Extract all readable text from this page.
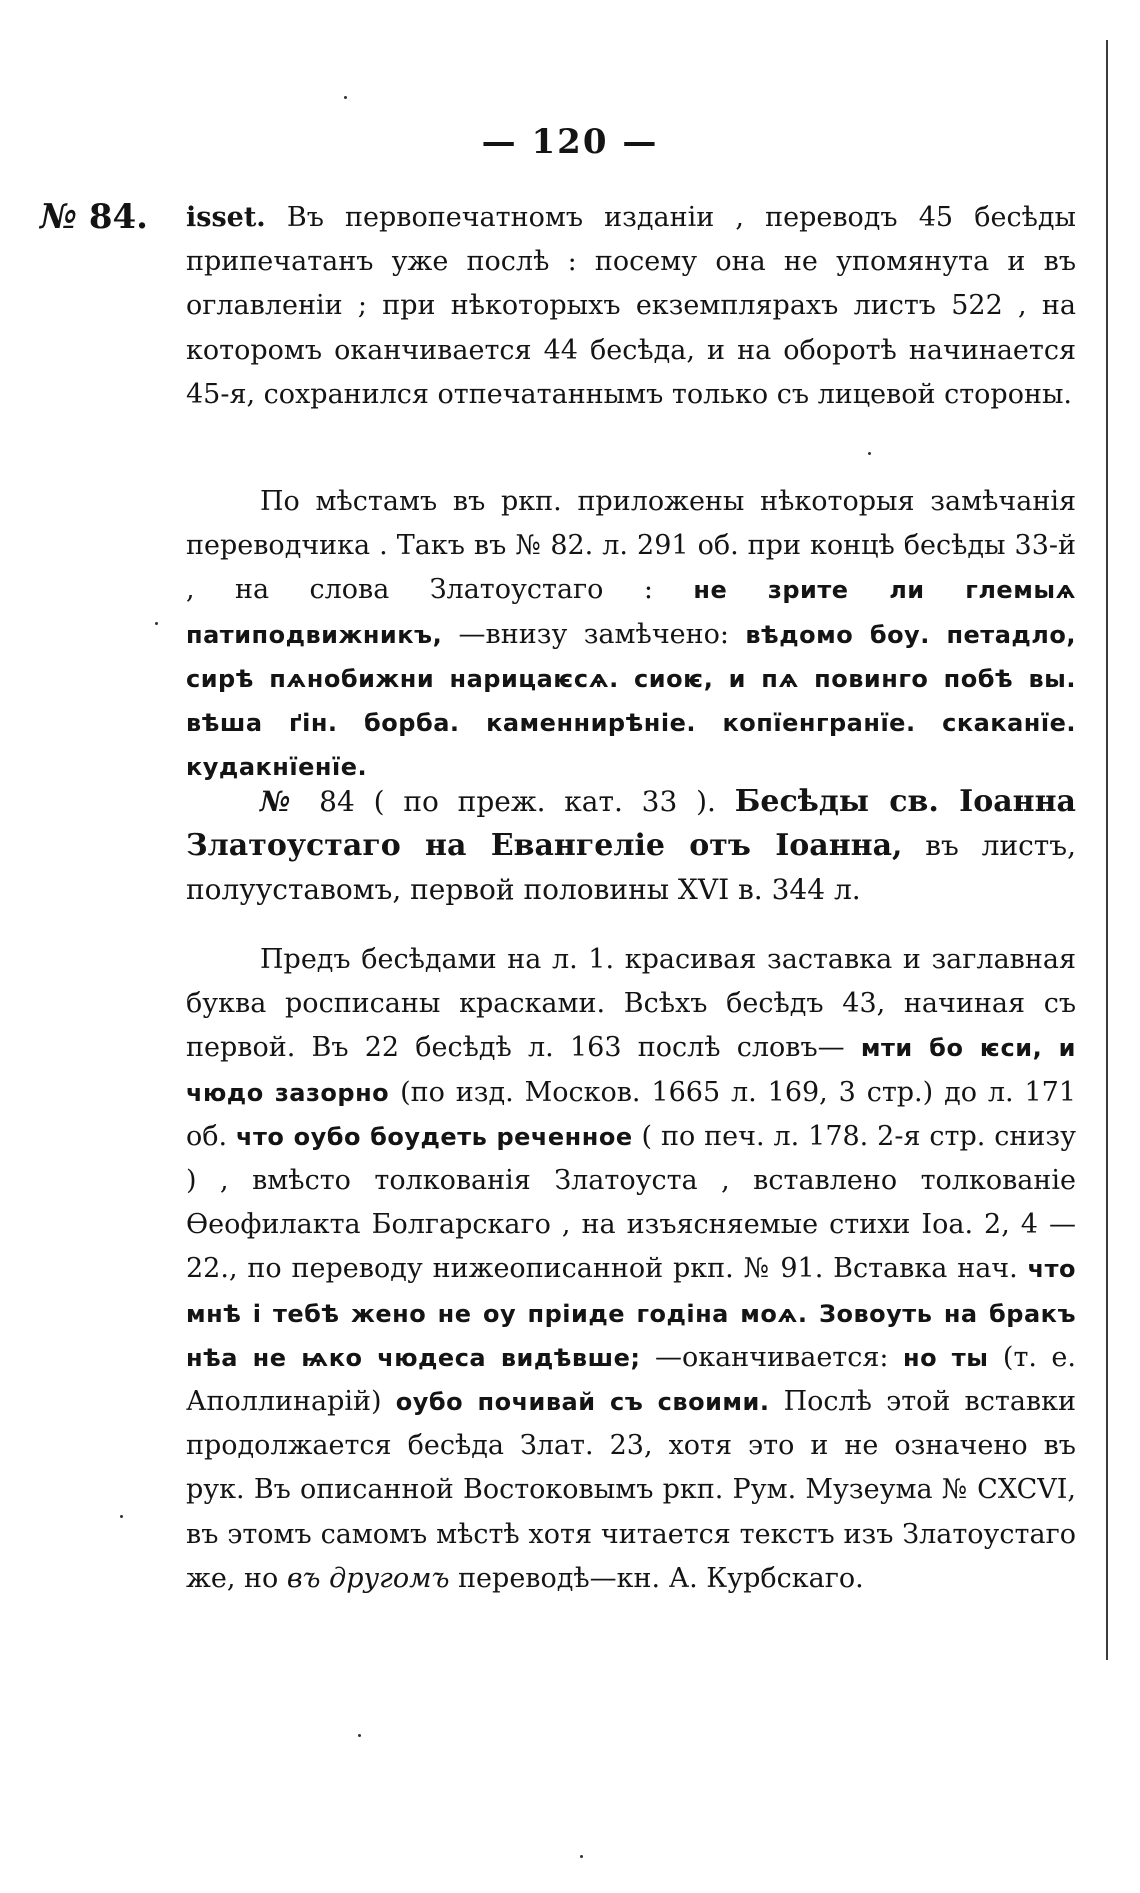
— 120 —
№ 84. isset. Въ первопечатномъ изданіи , переводъ 45 бесѣды припечатанъ уже послѣ : посему она не упомянута и въ оглавленіи ; при нѣкоторыхъ екземплярахъ листъ 522 , на которомъ оканчивается 44 бесѣда, и на оборотѣ начинается 45-я, сохранился отпечатаннымъ только съ лицевой стороны.
По мѣстамъ въ ркп. приложены нѣкоторыя замѣчанія переводчика . Такъ въ № 82. л. 291 об. при концѣ бесѣды 33-й , на слова Златоустаго : не зрите ли глемыѧ патиподвижникъ, —внизу замѣчено: вѣдомо боу. петадло, сирѣ пѧнобижни нарицаѥсѧ. сиоѥ, и пѧ повинго побѣ вы. вѣша ґін. борба. каменнирѣніе. копїенгранїе. скаканїе. кудакнїенїе.
№ 84 ( по преж. кат. 33 ). Бесѣды св. Іоанна Златоустаго на Евангеліе отъ Іоанна, въ листъ, полууставомъ, первой половины XVI в. 344 л.
Предъ бесѣдами на л. 1. красивая заставка и заглавная буква росписаны красками. Всѣхъ бесѣдъ 43, начиная съ первой. Въ 22 бесѣдѣ л. 163 послѣ словъ— мти бо ѥси, и чюдо зазорно (по изд. Москов. 1665 л. 169, 3 стр.) до л. 171 об. что оубо боудеть реченное ( по печ. л. 178. 2-я стр. снизу ) , вмѣсто толкованія Златоуста , вставлено толкованіе Ѳеофилакта Болгарскаго , на изъясняемые стихи Іоа. 2, 4 — 22., по переводу нижеописанной ркп. № 91. Вставка нач. что мнѣ і тебѣ жено не оу пріиде годіна моѧ. Зовоуть на бракъ нѣа не ѩко чюдеса видѣвше; —оканчивается: но ты (т. е. Аполлинарій) оубо почивай съ своими. Послѣ этой вставки продолжается бесѣда Злат. 23, хотя это и не означено въ рук. Въ описанной Востоковымъ ркп. Рум. Музеума № CXCVI, въ этомъ самомъ мѣстѣ хотя читается текстъ изъ Златоустаго же, но въ другомъ переводѣ—кн. А. Курбскаго.
